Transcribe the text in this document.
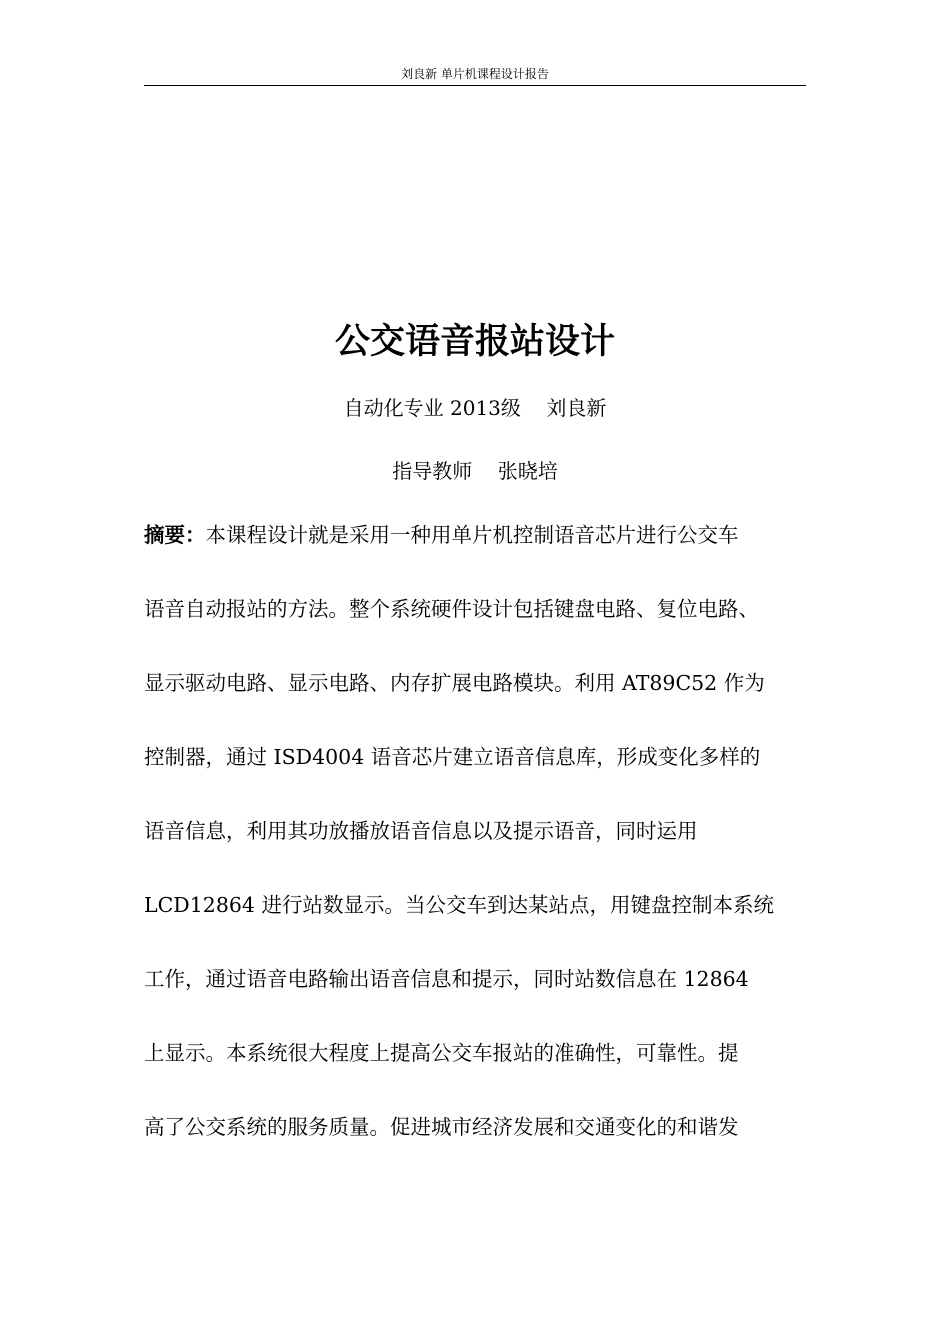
刘良新 单片机课程设计报告
公交语音报站设计
自动化专业 2013级    刘良新
指导教师    张晓培
摘要：本课程设计就是采用一种用单片机控制语音芯片进行公交车
语音自动报站的方法。整个系统硬件设计包括键盘电路、复位电路、
显示驱动电路、显示电路、内存扩展电路模块。利用 AT89C52 作为
控制器，通过 ISD4004 语音芯片建立语音信息库，形成变化多样的
语音信息，利用其功放播放语音信息以及提示语音，同时运用
LCD12864 进行站数显示。当公交车到达某站点，用键盘控制本系统
工作，通过语音电路输出语音信息和提示，同时站数信息在 12864
上显示。本系统很大程度上提高公交车报站的准确性，可靠性。提
高了公交系统的服务质量。促进城市经济发展和交通变化的和谐发
